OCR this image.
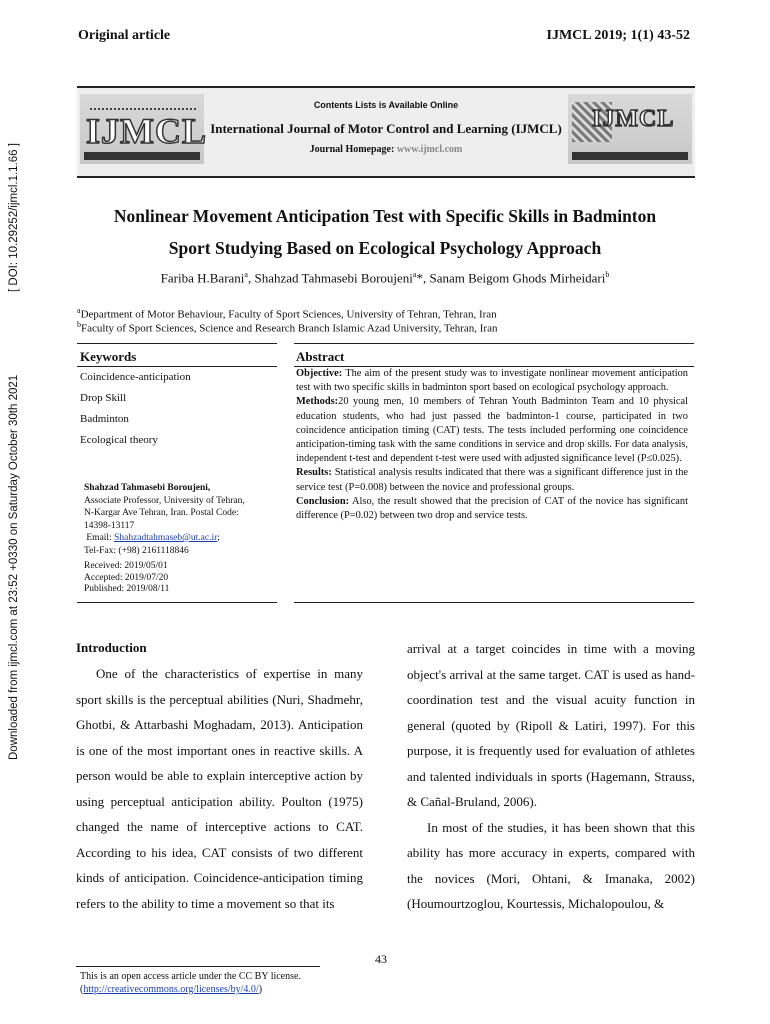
Original article	IJMCL 2019; 1(1) 43-52
[ DOI: 10.29252/ijmcl.1.1.66 ]
Downloaded from ijmcl.com at 23:52 +0330 on Saturday October 30th 2021
IJMCL
Contents Lists is Available Online
International Journal of Motor Control and Learning (IJMCL)
Journal Homepage: www.ijmcl.com
IJMCL
Nonlinear Movement Anticipation Test with Specific Skills in Badminton
Sport Studying Based on Ecological Psychology Approach
Fariba H.Barani$^a$, Shahzad Tahmasebi Boroujeni$^a$*, Sanam Beigom Ghods Mirheidari$^b$
$^a$Department of Motor Behaviour, Faculty of Sport Sciences, University of Tehran, Tehran, Iran
$^b$Faculty of Sport Sciences, Science and Research Branch Islamic Azad University, Tehran, Iran
Keywords	Abstract
Coincidence-anticipation
Drop Skill
Badminton
Ecological theory
Shahzad Tahmasebi Boroujeni,
Associate Professor, University of Tehran,
N-Kargar Ave Tehran, Iran. Postal Code:
14398-13117
Email: Shahzadtahmaseb@ut.ac.ir;
Tel-Fax: (+98) 2161118846
Received: 2019/05/01
Accepted: 2019/07/20
Published: 2019/08/11
Objective: The aim of the present study was to investigate nonlinear movement anticipation test with two specific skills in badminton sport based on ecological psychology approach.
Methods:20 young men, 10 members of Tehran Youth Badminton Team and 10 physical education students, who had just passed the badminton-1 course, participated in two coincidence anticipation timing (CAT) tests. The tests included performing one coincidence anticipation-timing task with the same conditions in service and drop skills. For data analysis, independent t-test and dependent t-test were used with adjusted significance level (P≤0.025).
Results: Statistical analysis results indicated that there was a significant difference just in the service test (P=0.008) between the novice and professional groups.
Conclusion: Also, the result showed that the precision of CAT of the novice has significant difference (P=0.02) between two drop and service tests.
Introduction
One of the characteristics of expertise in many sport skills is the perceptual abilities (Nuri, Shadmehr, Ghotbi, & Attarbashi Moghadam, 2013). Anticipation is one of the most important ones in reactive skills. A person would be able to explain interceptive action by using perceptual anticipation ability. Poulton (1975) changed the name of interceptive actions to CAT. According to his idea, CAT consists of two different kinds of anticipation. Coincidence-anticipation timing refers to the ability to time a movement so that its
arrival at a target coincides in time with a moving object's arrival at the same target. CAT is used as hand-coordination test and the visual acuity function in general (quoted by (Ripoll & Latiri, 1997). For this purpose, it is frequently used for evaluation of athletes and talented individuals in sports (Hagemann, Strauss, & Cañal-Bruland, 2006).
In most of the studies, it has been shown that this ability has more accuracy in experts, compared with the novices (Mori, Ohtani, & Imanaka, 2002) (Houmourtzoglou, Kourtessis, Michalopoulou, &
43
This is an open access article under the CC BY license.
(http://creativecommons.org/licenses/by/4.0/)
